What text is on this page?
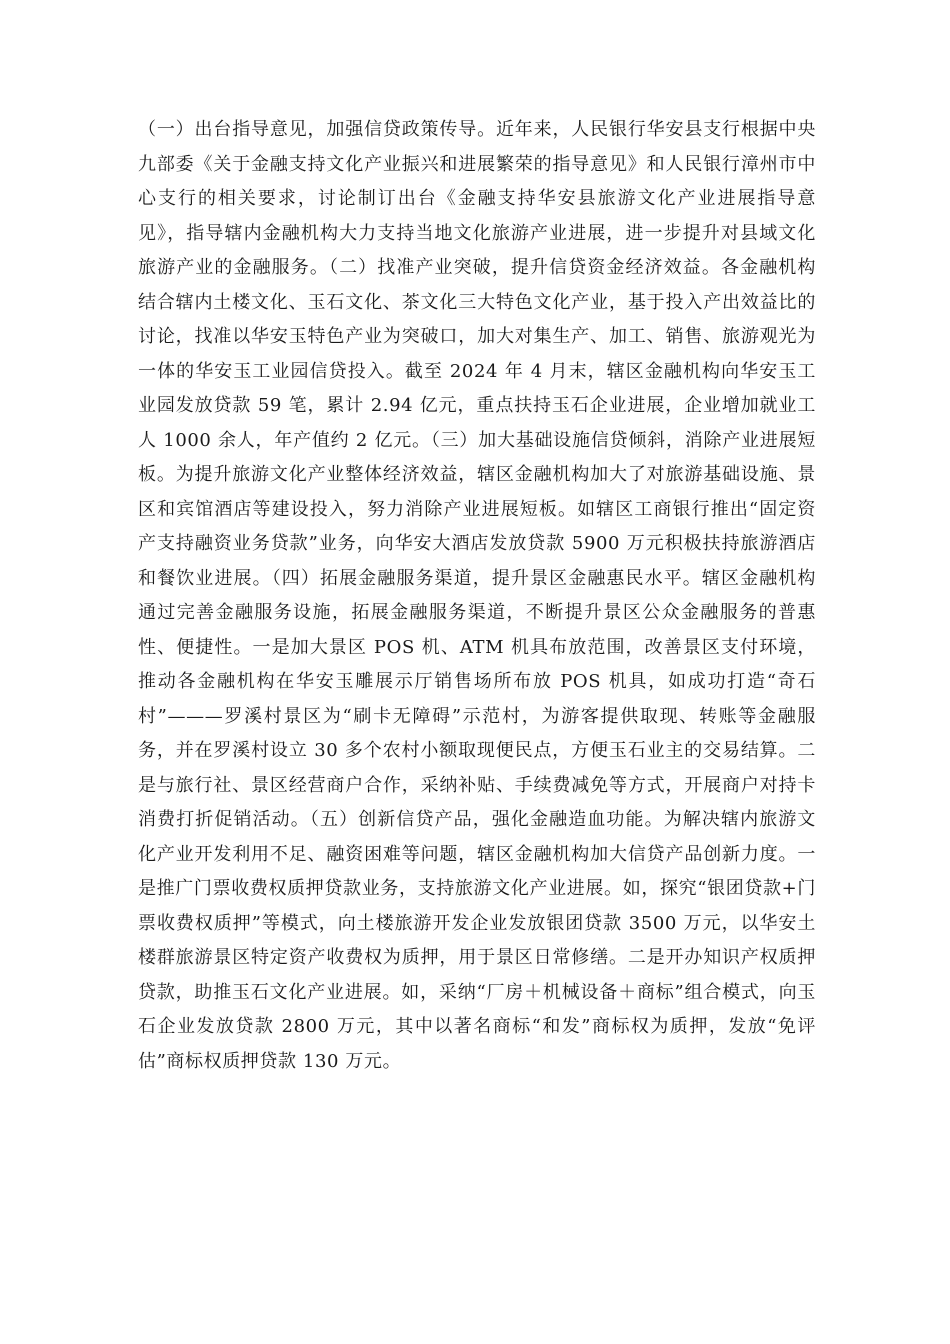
（一）出台指导意见，加强信贷政策传导。近年来，人民银行华安县支行根据中央九部委《关于金融支持文化产业振兴和进展繁荣的指导意见》和人民银行漳州市中心支行的相关要求，讨论制订出台《金融支持华安县旅游文化产业进展指导意见》，指导辖内金融机构大力支持当地文化旅游产业进展，进一步提升对县域文化旅游产业的金融服务。（二）找准产业突破，提升信贷资金经济效益。各金融机构结合辖内土楼文化、玉石文化、茶文化三大特色文化产业，基于投入产出效益比的讨论，找准以华安玉特色产业为突破口，加大对集生产、加工、销售、旅游观光为一体的华安玉工业园信贷投入。截至 2024 年 4 月末，辖区金融机构向华安玉工业园发放贷款 59 笔，累计 2.94 亿元，重点扶持玉石企业进展，企业增加就业工人 1000 余人，年产值约 2 亿元。（三）加大基础设施信贷倾斜，消除产业进展短板。为提升旅游文化产业整体经济效益，辖区金融机构加大了对旅游基础设施、景区和宾馆酒店等建设投入，努力消除产业进展短板。如辖区工商银行推出“固定资产支持融资业务贷款”业务，向华安大酒店发放贷款 5900 万元积极扶持旅游酒店和餐饮业进展。（四）拓展金融服务渠道，提升景区金融惠民水平。辖区金融机构通过完善金融服务设施，拓展金融服务渠道，不断提升景区公众金融服务的普惠性、便捷性。一是加大景区 POS 机、ATM 机具布放范围，改善景区支付环境，推动各金融机构在华安玉雕展示厅销售场所布放 POS 机具，如成功打造“奇石村”———罗溪村景区为“刷卡无障碍”示范村，为游客提供取现、转账等金融服务，并在罗溪村设立 30 多个农村小额取现便民点，方便玉石业主的交易结算。二是与旅行社、景区经营商户合作，采纳补贴、手续费减免等方式，开展商户对持卡消费打折促销活动。（五）创新信贷产品，强化金融造血功能。为解决辖内旅游文化产业开发利用不足、融资困难等问题，辖区金融机构加大信贷产品创新力度。一是推广门票收费权质押贷款业务，支持旅游文化产业进展。如，探究“银团贷款+门票收费权质押”等模式，向土楼旅游开发企业发放银团贷款 3500 万元，以华安土楼群旅游景区特定资产收费权为质押，用于景区日常修缮。二是开办知识产权质押贷款，助推玉石文化产业进展。如，采纳“厂房＋机械设备＋商标”组合模式，向玉石企业发放贷款 2800 万元，其中以著名商标“和发”商标权为质押，发放“免评估”商标权质押贷款 130 万元。
